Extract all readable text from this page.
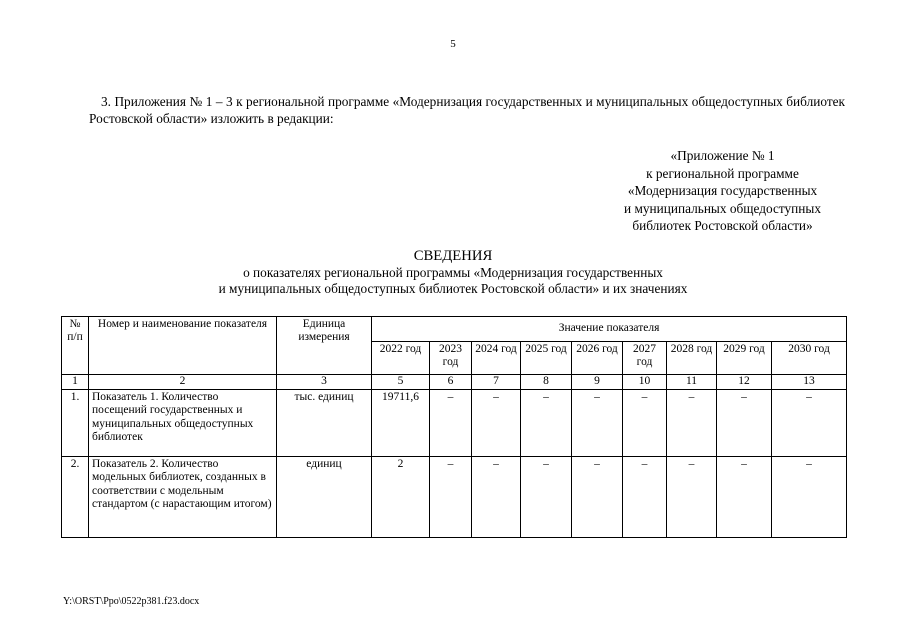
5
3. Приложения № 1 – 3 к региональной программе «Модернизация государственных и муниципальных общедоступных библиотек Ростовской области» изложить в редакции:
«Приложение № 1
к региональной программе
«Модернизация государственных
и муниципальных общедоступных
библиотек Ростовской области»
СВЕДЕНИЯ
о показателях региональной программы «Модернизация государственных
и муниципальных общедоступных библиотек Ростовской области» и их значениях
№ п/п	Номер и наименование показателя	Единица измерения	Значение показателя								
			2022 год	2023 год	2024 год	2025 год	2026 год	2027 год	2028 год	2029 год	2030 год
1	2	3	5	6	7	8	9	10	11	12	13
1.	Показатель 1. Количество посещений государственных и муниципальных общедоступных библиотек	тыс. единиц	19711,6	–	–	–	–	–	–	–	–
2.	Показатель 2. Количество модельных библиотек, созданных в соответствии с модельным стандартом (с нарастающим итогом)	единиц	2	–	–	–	–	–	–	–	–
Y:\ORST\Ppo\0522p381.f23.docx
